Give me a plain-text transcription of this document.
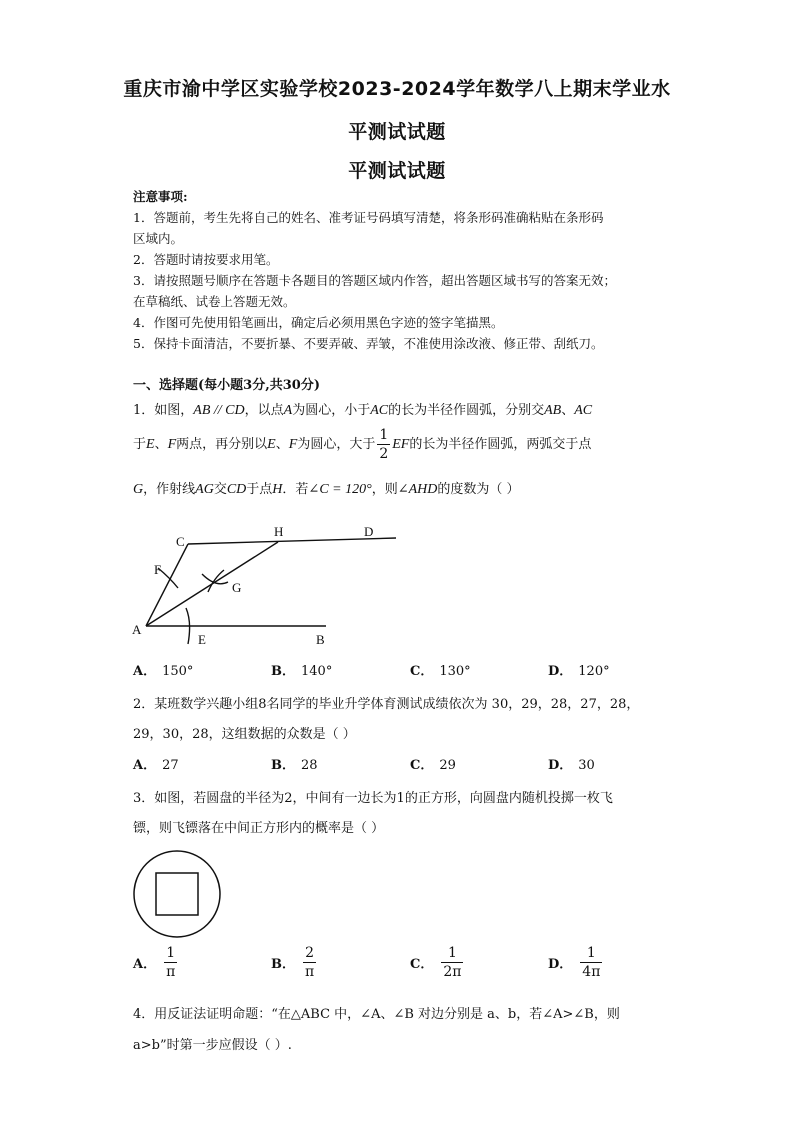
重庆市渝中学区实验学校2023-2024学年数学八上期末学业水
平测试试题
平测试试题
注意事项:
1．答题前，考生先将自己的姓名、准考证号码填写清楚，将条形码准确粘贴在条形码
区域内。
2．答题时请按要求用笔。
3．请按照题号顺序在答题卡各题目的答题区域内作答，超出答题区域书写的答案无效；
在草稿纸、试卷上答题无效。
4．作图可先使用铅笔画出，确定后必须用黑色字迹的签字笔描黑。
5．保持卡面清洁，不要折暴、不要弄破、弄皱，不准使用涂改液、修正带、刮纸刀。
一、选择题(每小题3分,共30分)
1．如图，AB // CD，以点A为圆心，小于AC的长为半径作圆弧，分别交AB、AC
于E、F两点，再分别以E、F为圆心，大于 $\frac{1}{2}$ EF的长为半径作圆弧，两弧交于点
G，作射线AG交CD于点H．若∠C = 120°，则∠AHD的度数为（ ）
C
H	D
F
G
A
E	B
A． 150°	B． 140°	C． 130°	D． 120°
2．某班数学兴趣小组8名同学的毕业升学体育测试成绩依次为 30，29，28，27，28，
29，30，28，这组数据的众数是（ ）
A． 27	B． 28	C． 29	D． 30
3．如图，若圆盘的半径为2，中间有一边长为1的正方形，向圆盘内随机投掷一枚飞
镖，则飞镖落在中间正方形内的概率是（ ）
A． $\frac{1}{\pi}$	B． $\frac{2}{\pi}$	C． $\frac{1}{2\pi}$	D． $\frac{1}{4\pi}$
4．用反证法证明命题：“在△ABC 中，∠A、∠B 对边分别是 a、b，若∠A>∠B，则
a>b”时第一步应假设（ ）.
